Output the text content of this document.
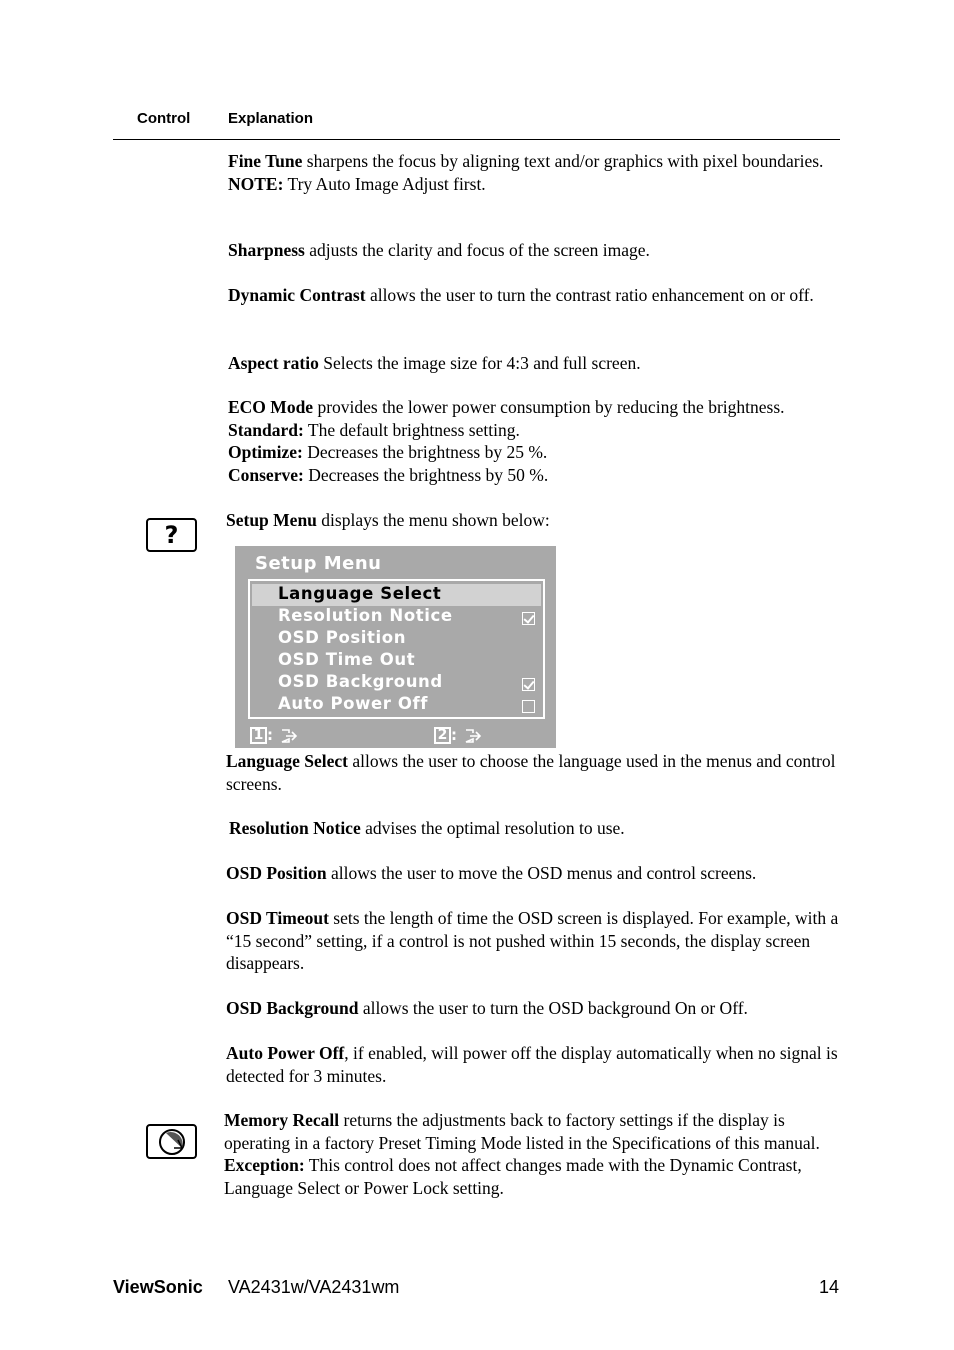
Control	Explanation
Fine Tune sharpens the focus by aligning text and/or graphics with pixel boundaries.
NOTE: Try Auto Image Adjust first.
Sharpness adjusts the clarity and focus of the screen image.
Dynamic Contrast allows the user to turn the contrast ratio enhancement on or off.
Aspect ratio Selects the image size for 4:3 and full screen.
ECO Mode provides the lower power consumption by reducing the brightness.
Standard: The default brightness setting.
Optimize: Decreases the brightness by 25 %.
Conserve: Decreases the brightness by 50 %.
?
Setup Menu displays the menu shown below:
Setup Menu
Language Select
Resolution Notice
OSD Position
OSD Time Out
OSD Background
Auto Power Off
1 :	2 :
Language Select allows the user to choose the language used in the menus and control screens.
Resolution Notice advises the optimal resolution to use.
OSD Position allows the user to move the OSD menus and control screens.
OSD Timeout sets the length of time the OSD screen is displayed. For example, with a “15 second” setting, if a control is not pushed within 15 seconds, the display screen disappears.
OSD Background allows the user to turn the OSD background On or Off.
Auto Power Off, if enabled, will power off the display automatically when no signal is detected for 3 minutes.
Memory Recall returns the adjustments back to factory settings if the display is operating in a factory Preset Timing Mode listed in the Specifications of this manual.
Exception: This control does not affect changes made with the Dynamic Contrast, Language Select or Power Lock setting.
ViewSonic VA2431w/VA2431wm	14
